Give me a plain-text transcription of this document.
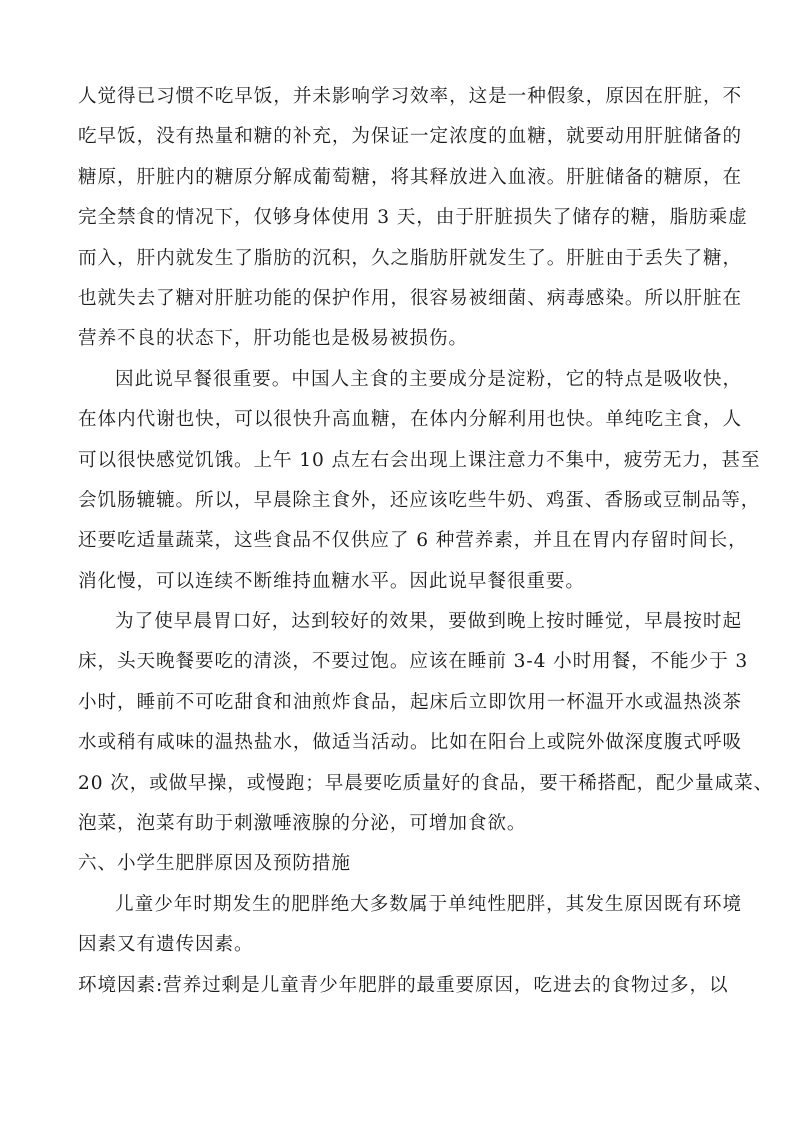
人觉得已习惯不吃早饭，并未影响学习效率，这是一种假象，原因在肝脏，不
吃早饭，没有热量和糖的补充，为保证一定浓度的血糖，就要动用肝脏储备的
糖原，肝脏内的糖原分解成葡萄糖，将其释放进入血液。肝脏储备的糖原，在
完全禁食的情况下，仅够身体使用 3 天，由于肝脏损失了储存的糖，脂肪乘虚
而入，肝内就发生了脂肪的沉积，久之脂肪肝就发生了。肝脏由于丢失了糖，
也就失去了糖对肝脏功能的保护作用，很容易被细菌、病毒感染。所以肝脏在
营养不良的状态下，肝功能也是极易被损伤。
因此说早餐很重要。中国人主食的主要成分是淀粉，它的特点是吸收快，
在体内代谢也快，可以很快升高血糖，在体内分解利用也快。单纯吃主食，人
可以很快感觉饥饿。上午 10 点左右会出现上课注意力不集中，疲劳无力，甚至
会饥肠辘辘。所以，早晨除主食外，还应该吃些牛奶、鸡蛋、香肠或豆制品等，
还要吃适量蔬菜，这些食品不仅供应了 6 种营养素，并且在胃内存留时间长，
消化慢，可以连续不断维持血糖水平。因此说早餐很重要。
为了使早晨胃口好，达到较好的效果，要做到晚上按时睡觉，早晨按时起
床，头天晚餐要吃的清淡，不要过饱。应该在睡前 3-4 小时用餐，不能少于 3
小时，睡前不可吃甜食和油煎炸食品，起床后立即饮用一杯温开水或温热淡茶
水或稍有咸味的温热盐水，做适当活动。比如在阳台上或院外做深度腹式呼吸
20 次，或做早操，或慢跑；早晨要吃质量好的食品，要干稀搭配，配少量咸菜、
泡菜，泡菜有助于刺激唾液腺的分泌，可增加食欲。
六、小学生肥胖原因及预防措施
儿童少年时期发生的肥胖绝大多数属于单纯性肥胖，其发生原因既有环境
因素又有遗传因素。
环境因素:营养过剩是儿童青少年肥胖的最重要原因，吃进去的食物过多，以
